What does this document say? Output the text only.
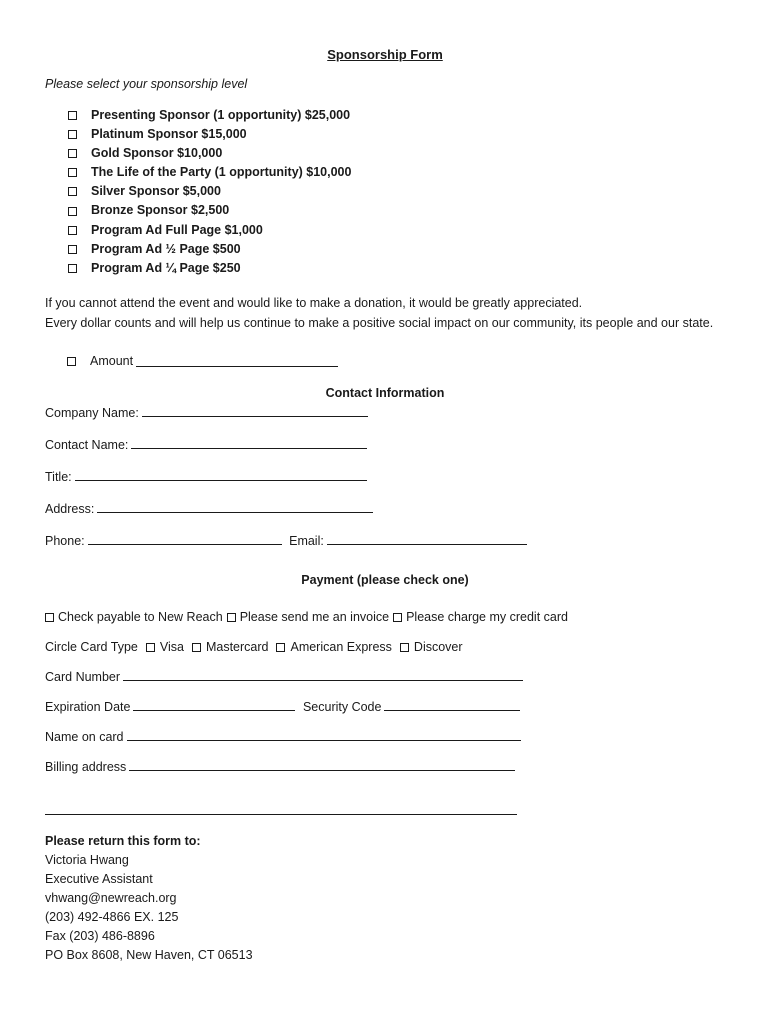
Sponsorship Form
Please select your sponsorship level
Presenting Sponsor (1 opportunity) $25,000
Platinum Sponsor $15,000
Gold Sponsor $10,000
The Life of the Party (1 opportunity) $10,000
Silver Sponsor $5,000
Bronze Sponsor $2,500
Program Ad Full Page $1,000
Program Ad ½ Page $500
Program Ad ¼ Page $250
If you cannot attend the event and would like to make a donation, it would be greatly appreciated.
Every dollar counts and will help us continue to make a positive social impact on our community, its people and our state.
Amount
Contact Information
Company Name:
Contact Name:
Title:
Address:
Phone:	Email:
Payment (please check one)
Check payable to New Reach Please send me an invoice Please charge my credit card
Circle Card Type Visa Mastercard American Express Discover
Card Number
Expiration Date	Security Code
Name on card
Billing address
Please return this form to:
Victoria Hwang
Executive Assistant
vhwang@newreach.org
(203) 492-4866 EX. 125
Fax (203) 486-8896
PO Box 8608, New Haven, CT 06513
